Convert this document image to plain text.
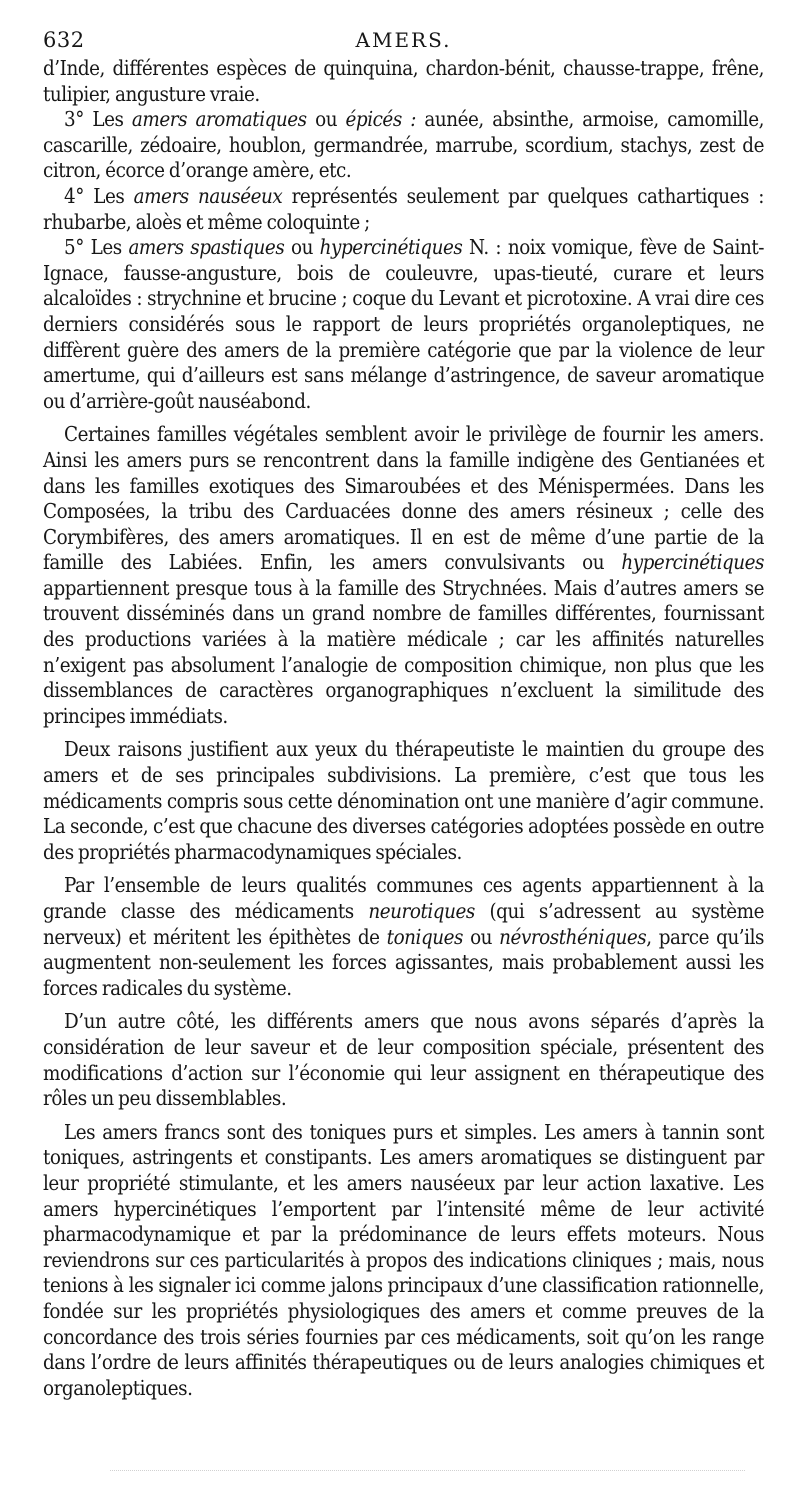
632	AMERS.

d’Inde, différentes espèces de quinquina, chardon-bénit, chausse-trappe, frêne, tulipier, angusture vraie.

3° Les amers aromatiques ou épicés : aunée, absinthe, armoise, camomille, cascarille, zédoaire, houblon, germandrée, marrube, scordium, stachys, zest de citron, écorce d’orange amère, etc.

4° Les amers nauséeux représentés seulement par quelques cathartiques : rhubarbe, aloès et même coloquinte ;

5° Les amers spastiques ou hypercinétiques N. : noix vomique, fève de Saint-Ignace, fausse-angusture, bois de couleuvre, upas-tieuté, curare et leurs alcaloïdes : strychnine et brucine ; coque du Levant et picrotoxine. A vrai dire ces derniers considérés sous le rapport de leurs propriétés organoleptiques, ne diffèrent guère des amers de la première catégorie que par la violence de leur amertume, qui d’ailleurs est sans mélange d’astringence, de saveur aromatique ou d’arrière-goût nauséabond.

Certaines familles végétales semblent avoir le privilège de fournir les amers. Ainsi les amers purs se rencontrent dans la famille indigène des Gentianées et dans les familles exotiques des Simaroubées et des Ménispermées. Dans les Composées, la tribu des Carduacées donne des amers résineux ; celle des Corymbifères, des amers aromatiques. Il en est de même d’une partie de la famille des Labiées. Enfin, les amers convulsivants ou hypercinétiques appartiennent presque tous à la famille des Strychnées. Mais d’autres amers se trouvent disséminés dans un grand nombre de familles différentes, fournissant des productions variées à la matière médicale ; car les affinités naturelles n’exigent pas absolument l’analogie de composition chimique, non plus que les dissemblances de caractères organographiques n’excluent la similitude des principes immédiats.

Deux raisons justifient aux yeux du thérapeutiste le maintien du groupe des amers et de ses principales subdivisions. La première, c’est que tous les médicaments compris sous cette dénomination ont une manière d’agir commune. La seconde, c’est que chacune des diverses catégories adoptées possède en outre des propriétés pharmacodynamiques spéciales.

Par l’ensemble de leurs qualités communes ces agents appartiennent à la grande classe des médicaments neurotiques (qui s’adressent au système nerveux) et méritent les épithètes de toniques ou névrosthéniques, parce qu’ils augmentent non-seulement les forces agissantes, mais probablement aussi les forces radicales du système.

D’un autre côté, les différents amers que nous avons séparés d’après la considération de leur saveur et de leur composition spéciale, présentent des modifications d’action sur l’économie qui leur assignent en thérapeutique des rôles un peu dissemblables.

Les amers francs sont des toniques purs et simples. Les amers à tannin sont toniques, astringents et constipants. Les amers aromatiques se distinguent par leur propriété stimulante, et les amers nauséeux par leur action laxative. Les amers hypercinétiques l’emportent par l’intensité même de leur activité pharmacodynamique et par la prédominance de leurs effets moteurs. Nous reviendrons sur ces particularités à propos des indications cliniques ; mais, nous tenions à les signaler ici comme jalons principaux d’une classification rationnelle, fondée sur les propriétés physiologiques des amers et comme preuves de la concordance des trois séries fournies par ces médicaments, soit qu’on les range dans l’ordre de leurs affinités thérapeutiques ou de leurs analogies chimiques et organoleptiques.
